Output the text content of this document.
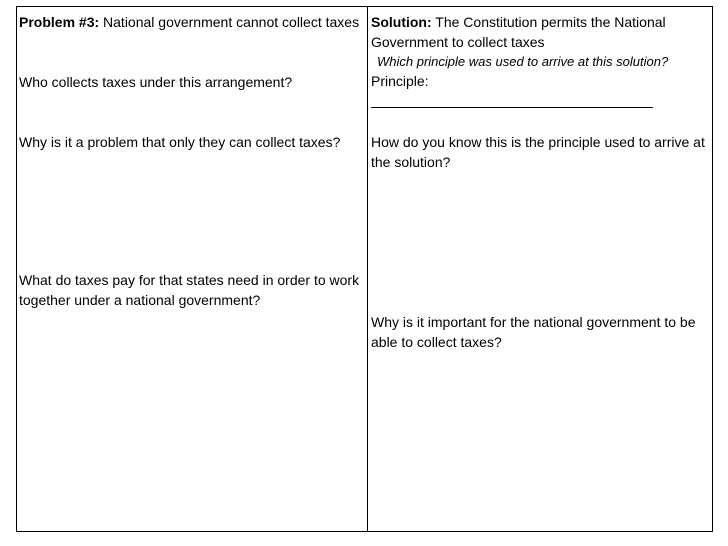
Problem #3: National government cannot collect taxes

Who collects taxes under this arrangement?

Why is it a problem that only they can collect taxes?

What do taxes pay for that states need in order to work together under a national government?

Solution: The Constitution permits the National Government to collect taxes

Which principle was used to arrive at this solution?

Principle:

How do you know this is the principle used to arrive at the solution?

Why is it important for the national government to be able to collect taxes?
